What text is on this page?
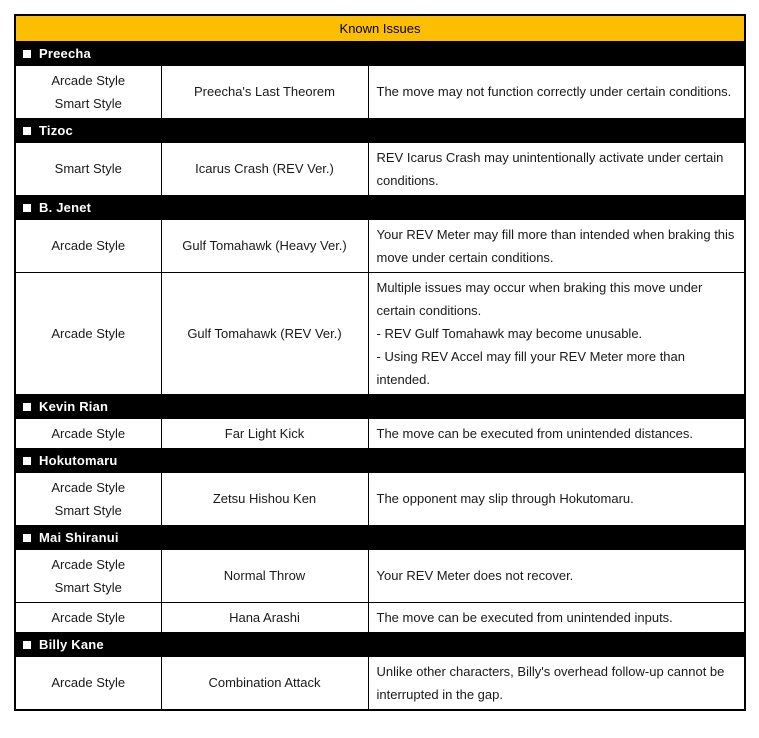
Known Issues		
Preecha		

Arcade Style
Smart Style	Preecha's Last Theorem	The move may not function correctly under certain conditions.

Tizoc		

Smart Style	Icarus Crash (REV Ver.)	REV Icarus Crash may unintentionally activate under certain conditions.

B. Jenet		

Arcade Style	Gulf Tomahawk (Heavy Ver.)	Your REV Meter may fill more than intended when braking this move under certain conditions.

Arcade Style	Gulf Tomahawk (REV Ver.)	Multiple issues may occur when braking this move under certain conditions.
- REV Gulf Tomahawk may become unusable.
- Using REV Accel may fill your REV Meter more than intended.

Kevin Rian		

Arcade Style	Far Light Kick	The move can be executed from unintended distances.

Hokutomaru		

Arcade Style
Smart Style	Zetsu Hishou Ken	The opponent may slip through Hokutomaru.

Mai Shiranui		

Arcade Style
Smart Style	Normal Throw	Your REV Meter does not recover.

Arcade Style	Hana Arashi	The move can be executed from unintended inputs.

Billy Kane		

Arcade Style	Combination Attack	Unlike other characters, Billy's overhead follow-up cannot be interrupted in the gap.
